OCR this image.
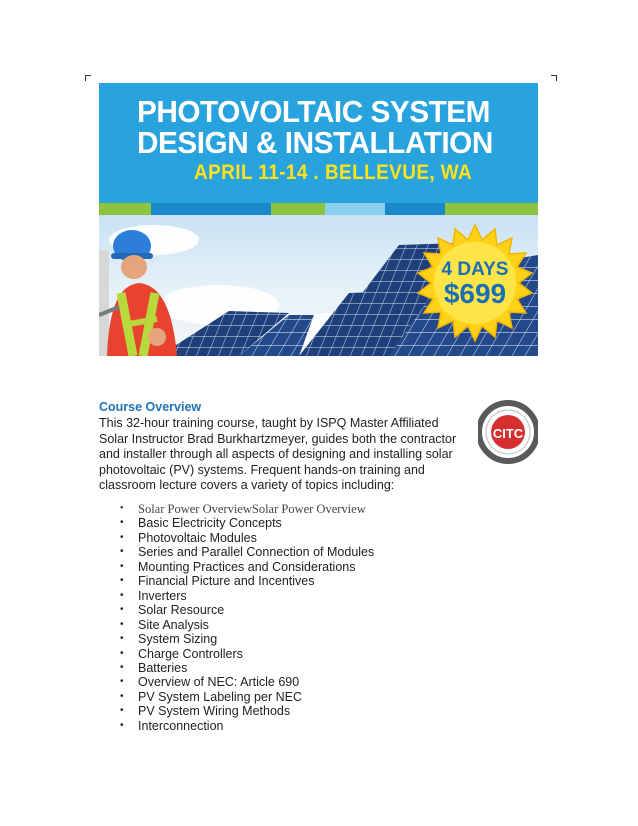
PHOTOVOLTAIC SYSTEM
DESIGN & INSTALLATION
APRIL 11-14 . BELLEVUE, WA
4 DAYS
$699

Course Overview

This 32-hour training course, taught by ISPQ Master Affiliated Solar Instructor Brad Burkhartzmeyer, guides both the contractor and installer through all aspects of designing and installing solar photovoltaic (PV) systems. Frequent hands-on training and classroom lecture covers a variety of topics including:

CITC
• Solar Power OverviewSolar Power Overview
• Basic Electricity Concepts
• Photovoltaic Modules
• Series and Parallel Connection of Modules
• Mounting Practices and Considerations
• Financial Picture and Incentives
• Inverters
• Solar Resource
• Site Analysis
• System Sizing
• Charge Controllers
• Batteries
• Overview of NEC: Article 690
• PV System Labeling per NEC
• PV System Wiring Methods
• Interconnection
